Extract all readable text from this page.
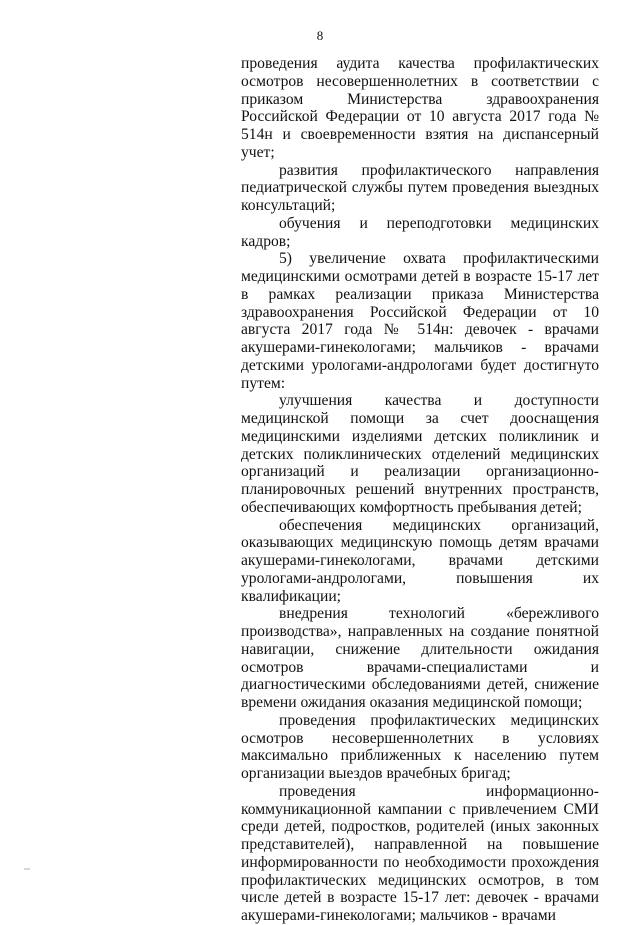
8

проведения аудита качества профилактических осмотров несовершеннолетних в соответствии с приказом Министерства здравоохранения Российской Федерации от 10 августа 2017 года № 514н и своевременности взятия на диспансерный учет;

развития профилактического направления педиатрической службы путем проведения выездных консультаций;

обучения и переподготовки медицинских кадров;

5) увеличение охвата профилактическими медицинскими осмотрами детей в возрасте 15-17 лет в рамках реализации приказа Министерства здравоохранения Российской Федерации от 10 августа 2017 года № 514н: девочек - врачами акушерами-гинекологами; мальчиков - врачами детскими урологами-андрологами будет достигнуто путем:

улучшения качества и доступности медицинской помощи за счет дооснащения медицинскими изделиями детских поликлиник и детских поликлинических отделений медицинских организаций и реализации организационно-планировочных решений внутренних пространств, обеспечивающих комфортность пребывания детей;

обеспечения медицинских организаций, оказывающих медицинскую помощь детям врачами акушерами-гинекологами, врачами детскими урологами-андрологами, повышения их квалификации;

внедрения технологий «бережливого производства», направленных на создание понятной навигации, снижение длительности ожидания осмотров врачами-специалистами и диагностическими обследованиями детей, снижение времени ожидания оказания медицинской помощи;

проведения профилактических медицинских осмотров несовершеннолетних в условиях максимально приближенных к населению путем организации выездов врачебных бригад;

проведения информационно-коммуникационной кампании с привлечением СМИ среди детей, подростков, родителей (иных законных представителей), направленной на повышение информированности по необходимости прохождения профилактических медицинских осмотров, в том числе детей в возрасте 15-17 лет: девочек - врачами акушерами-гинекологами; мальчиков - врачами
